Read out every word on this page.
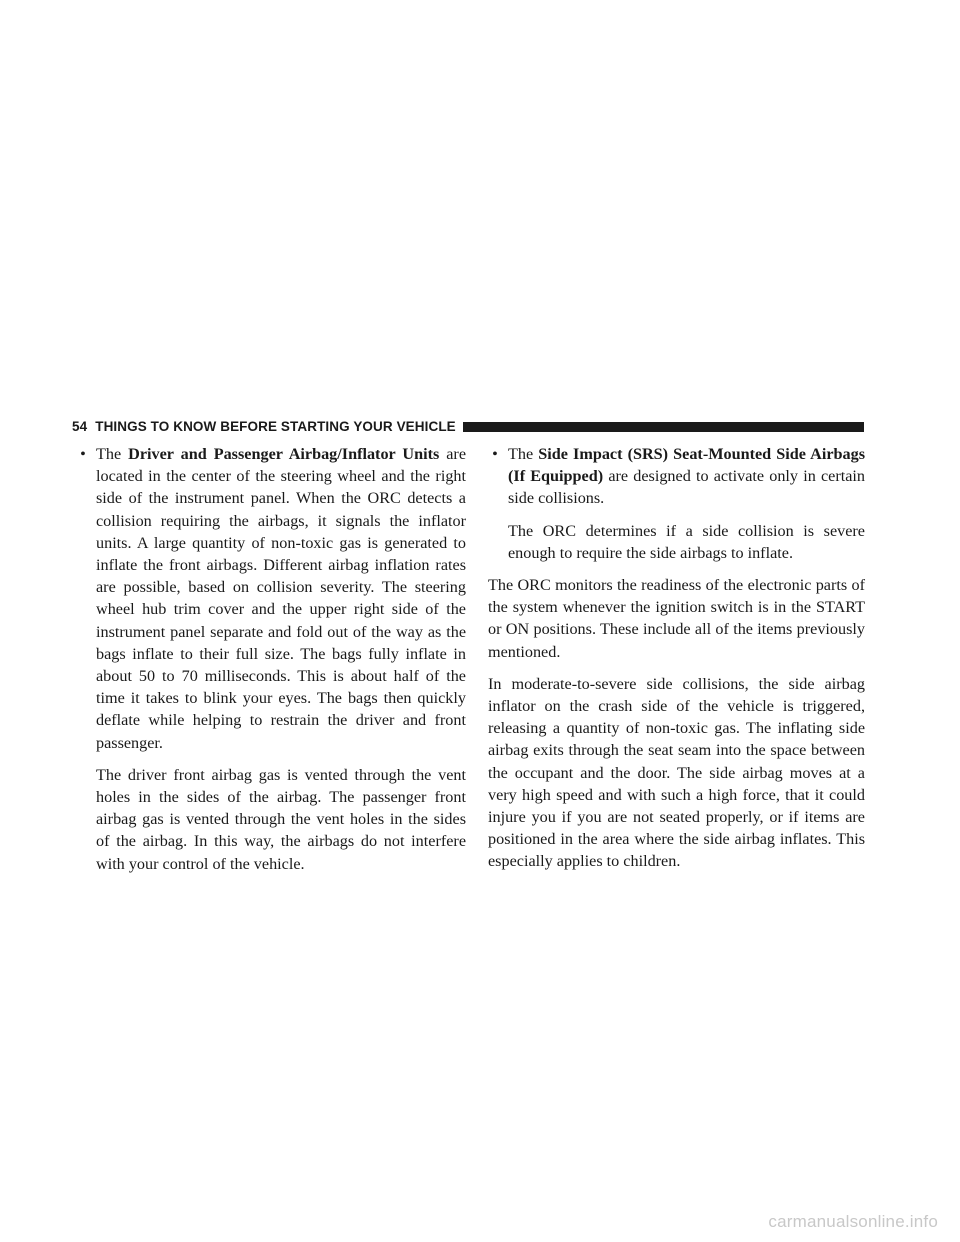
54 THINGS TO KNOW BEFORE STARTING YOUR VEHICLE
• The Driver and Passenger Airbag/Inflator Units are located in the center of the steering wheel and the right side of the instrument panel. When the ORC detects a collision requiring the airbags, it signals the inflator units. A large quantity of non-toxic gas is generated to inflate the front airbags. Different airbag inflation rates are possible, based on collision severity. The steering wheel hub trim cover and the upper right side of the instrument panel separate and fold out of the way as the bags inflate to their full size. The bags fully inflate in about 50 to 70 milliseconds. This is about half of the time it takes to blink your eyes. The bags then quickly deflate while helping to restrain the driver and front passenger.

The driver front airbag gas is vented through the vent holes in the sides of the airbag. The passenger front airbag gas is vented through the vent holes in the sides of the airbag. In this way, the airbags do not interfere with your control of the vehicle.

• The Side Impact (SRS) Seat-Mounted Side Airbags (If Equipped) are designed to activate only in certain side collisions.

The ORC determines if a side collision is severe enough to require the side airbags to inflate.

The ORC monitors the readiness of the electronic parts of the system whenever the ignition switch is in the START or ON positions. These include all of the items previously mentioned.

In moderate-to-severe side collisions, the side airbag inflator on the crash side of the vehicle is triggered, releasing a quantity of non-toxic gas. The inflating side airbag exits through the seat seam into the space between the occupant and the door. The side airbag moves at a very high speed and with such a high force, that it could injure you if you are not seated properly, or if items are positioned in the area where the side airbag inflates. This especially applies to children.

carmanualsonline.info
